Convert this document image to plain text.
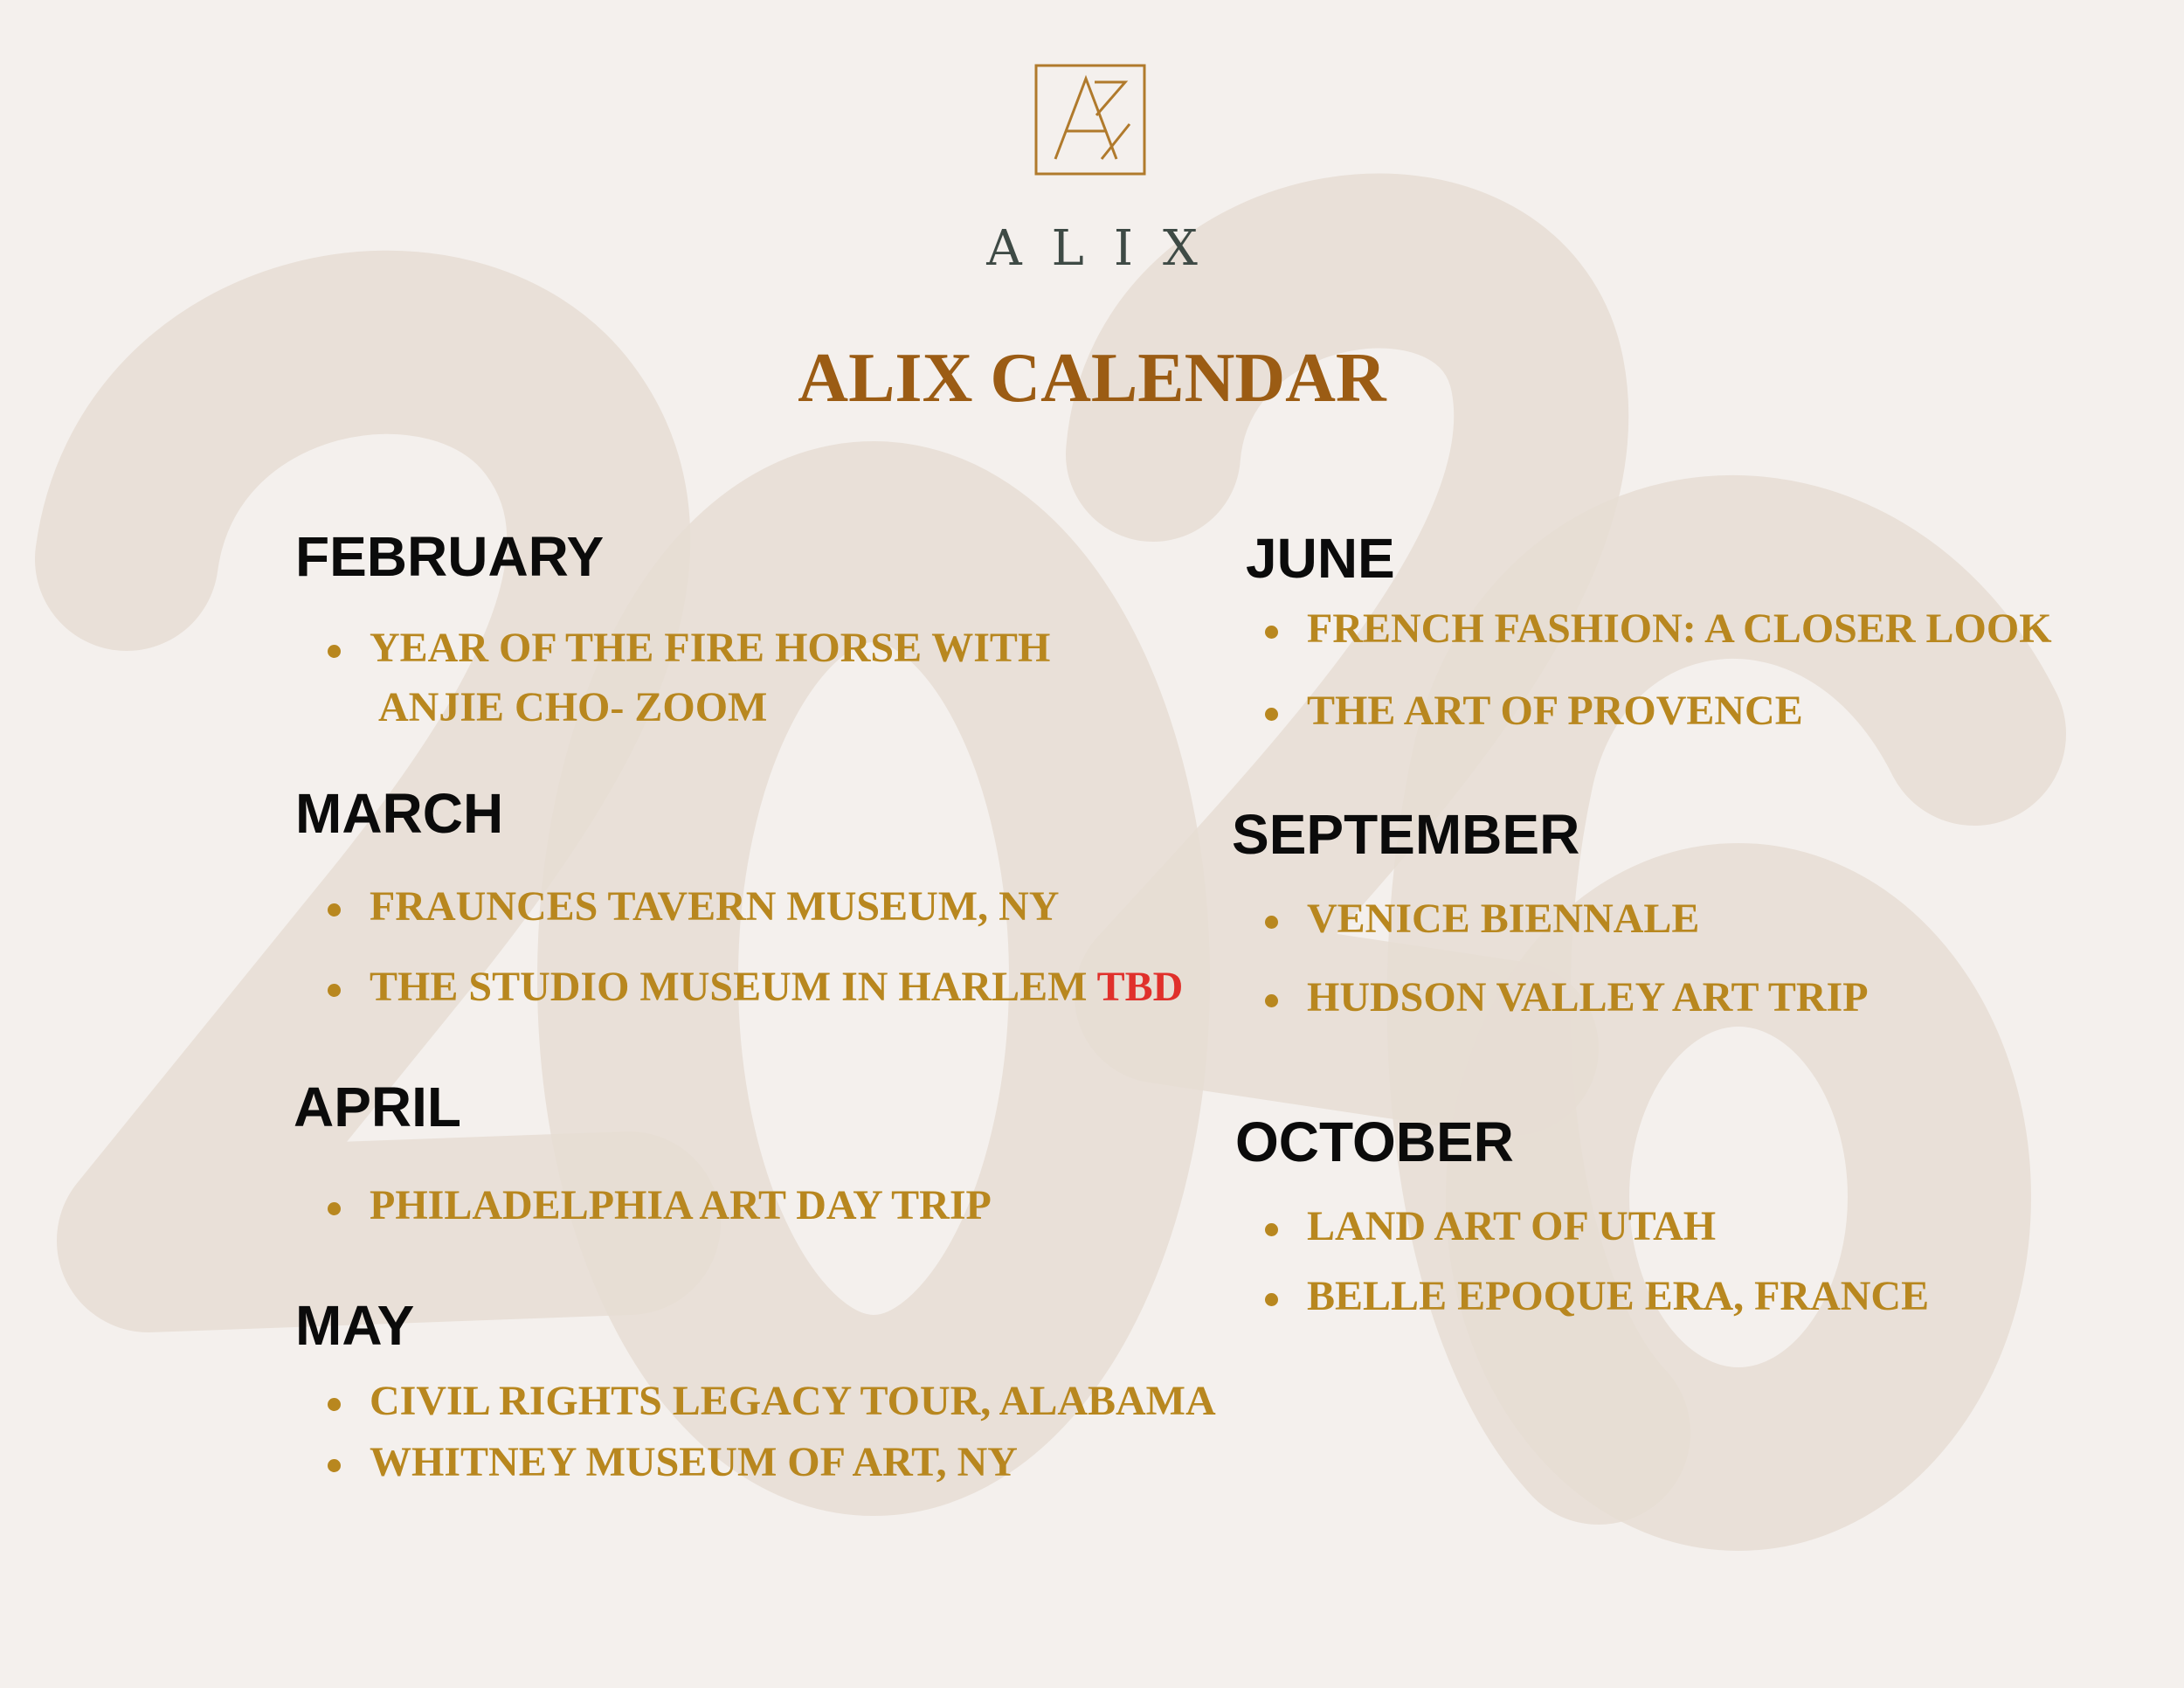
ALIX
ALIX CALENDAR
FEBRUARY
YEAR OF THE FIRE HORSE WITH
ANJIE CHO- ZOOM
MARCH
FRAUNCES TAVERN MUSEUM, NY
THE STUDIO MUSEUM IN HARLEM TBD
APRIL
PHILADELPHIA ART DAY TRIP
MAY
CIVIL RIGHTS LEGACY TOUR, ALABAMA
WHITNEY MUSEUM OF ART, NY
JUNE
FRENCH FASHION: A CLOSER LOOK
THE ART OF PROVENCE
SEPTEMBER
VENICE BIENNALE
HUDSON VALLEY ART TRIP
OCTOBER
LAND ART OF UTAH
BELLE EPOQUE ERA, FRANCE
